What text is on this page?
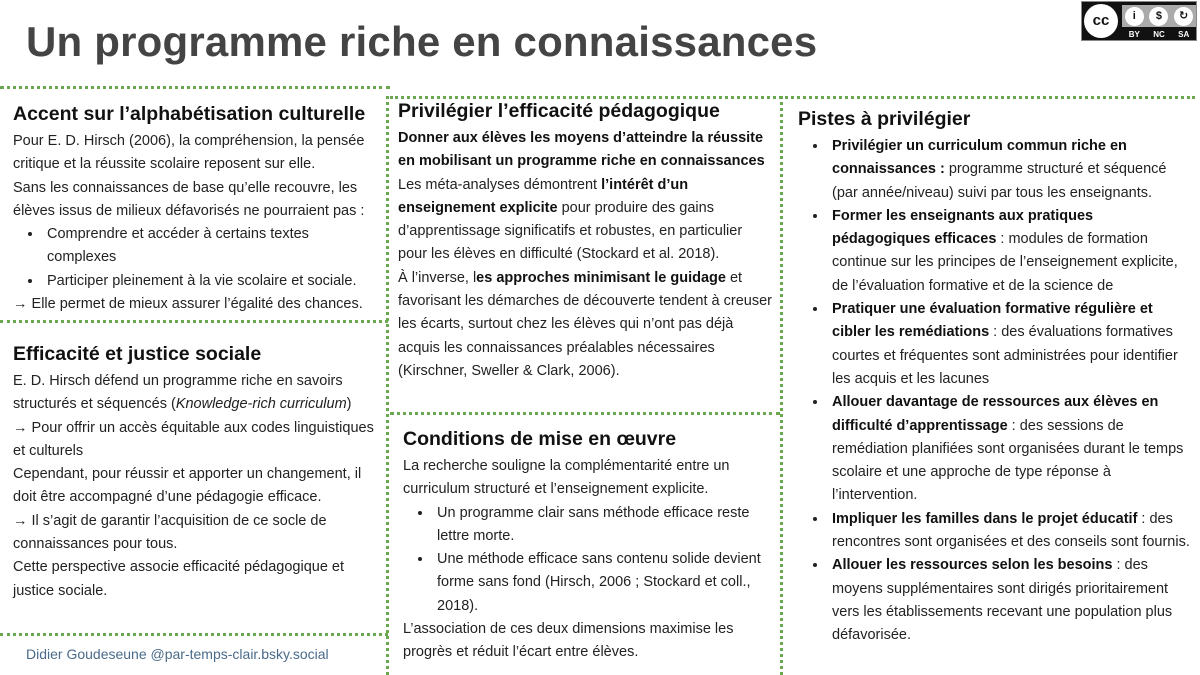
Un programme riche en connaissances	cc	i	$	↻
BY NC SA
Accent sur l’alphabétisation culturelle

Pour E. D. Hirsch (2006), la compréhension, la pensée critique et la réussite scolaire reposent sur elle.

Sans les connaissances de base qu’elle recouvre, les élèves issus de milieux défavorisés ne pourraient pas :

• Comprendre et accéder à certains textes complexes
• Participer pleinement à la vie scolaire et sociale.

→ Elle permet de mieux assurer l’égalité des chances.

Efficacité et justice sociale

E. D. Hirsch défend un programme riche en savoirs structurés et séquencés (Knowledge-rich curriculum)

→ Pour offrir un accès équitable aux codes linguistiques et culturels

Cependant, pour réussir et apporter un changement, il doit être accompagné d’une pédagogie efficace.

→ Il s’agit de garantir l’acquisition de ce socle de connaissances pour tous.

Cette perspective associe efficacité pédagogique et justice sociale.

Didier Goudeseune @par-temps-clair.bsky.social
Privilégier l’efficacité pédagogique

Donner aux élèves les moyens d’atteindre la réussite en mobilisant un programme riche en connaissances

Les méta-analyses démontrent l’intérêt d’un enseignement explicite pour produire des gains d’apprentissage significatifs et robustes, en particulier pour les élèves en difficulté (Stockard et al. 2018).

À l’inverse, les approches minimisant le guidage et favorisant les démarches de découverte tendent à creuser les écarts, surtout chez les élèves qui n’ont pas déjà acquis les connaissances préalables nécessaires (Kirschner, Sweller & Clark, 2006).

Conditions de mise en œuvre

La recherche souligne la complémentarité entre un curriculum structuré et l’enseignement explicite.

• Un programme clair sans méthode efficace reste lettre morte.
• Une méthode efficace sans contenu solide devient forme sans fond (Hirsch, 2006 ; Stockard et coll., 2018).

L’association de ces deux dimensions maximise les progrès et réduit l’écart entre élèves.

Pistes à privilégier
• Privilégier un curriculum commun riche en connaissances : programme structuré et séquencé (par année/niveau) suivi par tous les enseignants.
• Former les enseignants aux pratiques pédagogiques efficaces : modules de formation continue sur les principes de l’enseignement explicite, de l’évaluation formative et de la science de
• Pratiquer une évaluation formative régulière et cibler les remédiations : des évaluations formatives courtes et fréquentes sont administrées pour identifier les acquis et les lacunes
• Allouer davantage de ressources aux élèves en difficulté d’apprentissage : des sessions de remédiation planifiées sont organisées durant le temps scolaire et une approche de type réponse à l’intervention.
• Impliquer les familles dans le projet éducatif : des rencontres sont organisées et des conseils sont fournis.
• Allouer les ressources selon les besoins : des moyens supplémentaires sont dirigés prioritairement vers les établissements recevant une population plus défavorisée.
